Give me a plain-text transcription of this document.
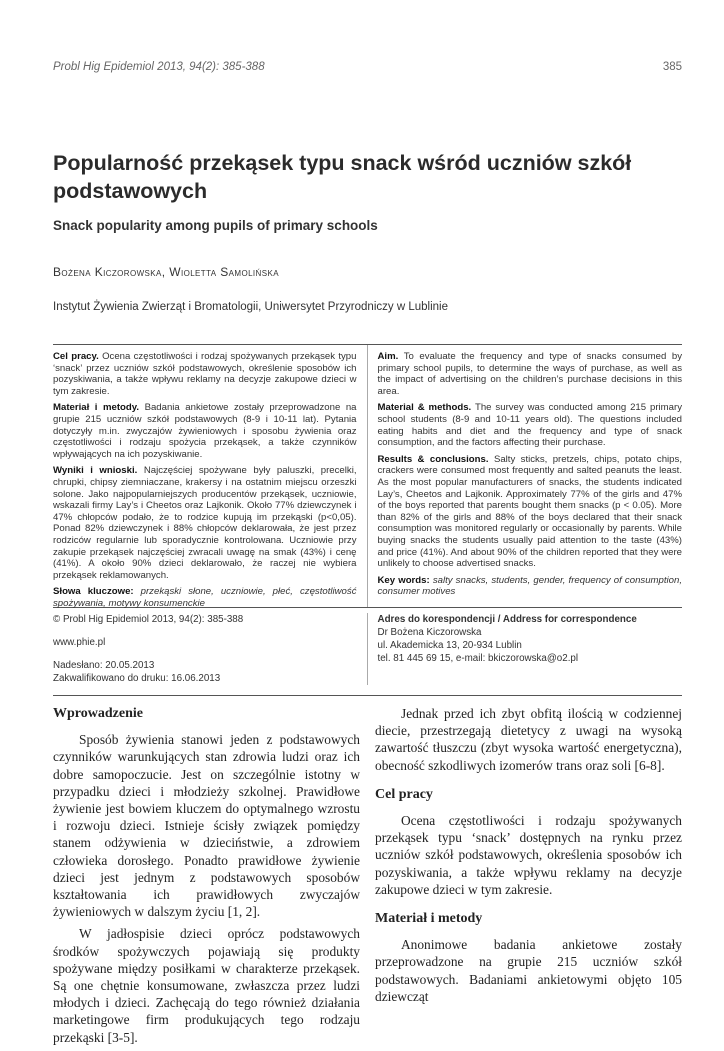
Probl Hig Epidemiol 2013, 94(2): 385-388	385
Popularność przekąsek typu snack wśród uczniów szkół podstawowych
Snack popularity among pupils of primary schools
Bożena Kiczorowska, Wioletta Samolińska
Instytut Żywienia Zwierząt i Bromatologii, Uniwersytet Przyrodniczy w Lublinie

Cel pracy. Ocena częstotliwości i rodzaj spożywanych przekąsek typu ‘snack’ przez uczniów szkół podstawowych, określenie sposobów ich pozyskiwania, a także wpływu reklamy na decyzje zakupowe dzieci w tym zakresie.

Materiał i metody. Badania ankietowe zostały przeprowadzone na grupie 215 uczniów szkół podstawowych (8-9 i 10-11 lat). Pytania dotyczyły m.in. zwyczajów żywieniowych i sposobu żywienia oraz częstotliwości i rodzaju spożycia przekąsek, a także czynników wpływających na ich pozyskiwanie.

Wyniki i wnioski. Najczęściej spożywane były paluszki, precelki, chrupki, chipsy ziemniaczane, krakersy i na ostatnim miejscu orzeszki solone. Jako najpopularniejszych producentów przekąsek, uczniowie, wskazali firmy Lay’s i Cheetos oraz Lajkonik. Około 77% dziewczynek i 47% chłopców podało, że to rodzice kupują im przekąski (p<0,05). Ponad 82% dziewczynek i 88% chłopców deklarowała, że jest przez rodziców regularnie lub sporadycznie kontrolowana. Uczniowie przy zakupie przekąsek najczęściej zwracali uwagę na smak (43%) i cenę (41%). A około 90% dzieci deklarowało, że raczej nie wybiera przekąsek reklamowanych.

Słowa kluczowe: przekąski słone, uczniowie, płeć, częstotliwość spożywania, motywy konsumenckie

Aim. To evaluate the frequency and type of snacks consumed by primary school pupils, to determine the ways of purchase, as well as the impact of advertising on the children’s purchase decisions in this area.

Material & methods. The survey was conducted among 215 primary school students (8-9 and 10-11 years old). The questions included eating habits and diet and the frequency and type of snack consumption, and the factors affecting their purchase.

Results & conclusions. Salty sticks, pretzels, chips, potato chips, crackers were consumed most frequently and salted peanuts the least. As the most popular manufacturers of snacks, the students indicated Lay’s, Cheetos and Lajkonik. Approximately 77% of the girls and 47% of the boys reported that parents bought them snacks (p < 0.05). More than 82% of the girls and 88% of the boys declared that their snack consumption was monitored regularly or occasionally by parents. While buying snacks the students usually paid attention to the taste (43%) and price (41%). And about 90% of the children reported that they were unlikely to choose advertised snacks.

Key words: salty snacks, students, gender, frequency of consumption, consumer motives

© Probl Hig Epidemiol 2013, 94(2): 385-388
www.phie.pl
Nadesłano: 20.05.2013
Zakwalifikowano do druku: 16.06.2013
Adres do korespondencji / Address for correspondence
Dr Bożena Kiczorowska
ul. Akademicka 13, 20-934 Lublin
tel. 81 445 69 15, e-mail: bkiczorowska@o2.pl
Wprowadzenie

Sposób żywienia stanowi jeden z podstawowych czynników warunkujących stan zdrowia ludzi oraz ich dobre samopoczucie. Jest on szczególnie istotny w przypadku dzieci i młodzieży szkolnej. Prawidłowe żywienie jest bowiem kluczem do optymalnego wzrostu i rozwoju dzieci. Istnieje ścisły związek pomiędzy stanem odżywienia w dzieciństwie, a zdrowiem człowieka dorosłego. Ponadto prawidłowe żywienie dzieci jest jednym z podstawowych sposobów kształtowania ich prawidłowych zwyczajów żywieniowych w dalszym życiu [1, 2].

W jadłospisie dzieci oprócz podstawowych środków spożywczych pojawiają się produkty spożywane między posiłkami w charakterze przekąsek. Są one chętnie konsumowane, zwłaszcza przez ludzi młodych i dzieci. Zachęcają do tego również działania marketingowe firm produkujących tego rodzaju przekąski [3-5].

Jednak przed ich zbyt obfitą ilością w codziennej diecie, przestrzegają dietetycy z uwagi na wysoką zawartość tłuszczu (zbyt wysoka wartość energetyczna), obecność szkodliwych izomerów trans oraz soli [6-8].

Cel pracy

Ocena częstotliwości i rodzaju spożywanych przekąsek typu ‘snack’ dostępnych na rynku przez uczniów szkół podstawowych, określenia sposobów ich pozyskiwania, a także wpływu reklamy na decyzje zakupowe dzieci w tym zakresie.

Materiał i metody

Anonimowe badania ankietowe zostały przeprowadzone na grupie 215 uczniów szkół podstawowych. Badaniami ankietowymi objęto 105 dziewcząt
